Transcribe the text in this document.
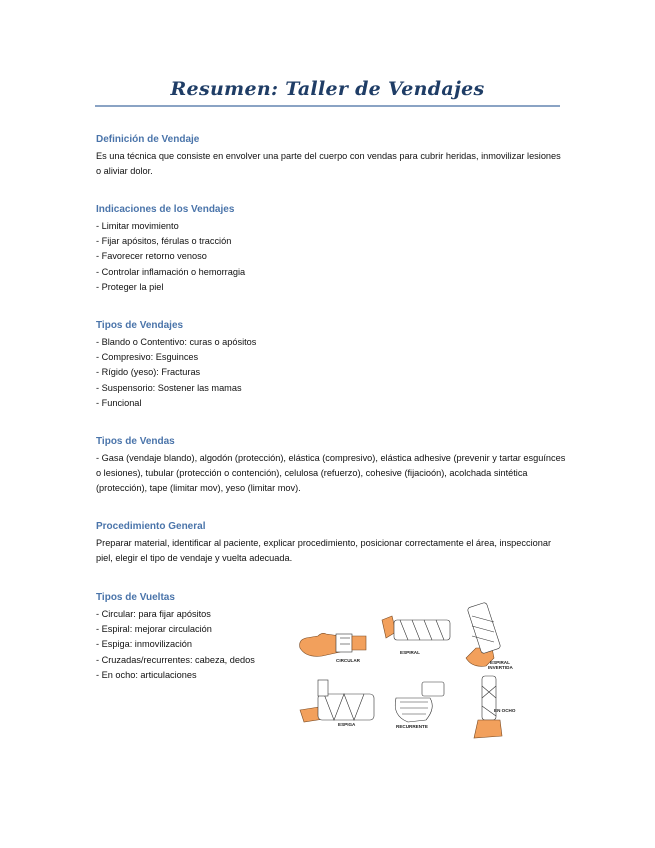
Resumen: Taller de Vendajes
Definición de Vendaje
Es una técnica que consiste en envolver una parte del cuerpo con vendas para cubrir heridas, inmovilizar lesiones o aliviar dolor.
Indicaciones de los Vendajes
- Limitar movimiento
- Fijar apósitos, férulas o tracción
- Favorecer retorno venoso
- Controlar inflamación o hemorragia
- Proteger la piel
Tipos de Vendajes
- Blando o Contentivo: curas o apósitos
- Compresivo: Esguinces
- Rígido (yeso): Fracturas
- Suspensorio: Sostener las mamas
- Funcional
Tipos de Vendas
- Gasa (vendaje blando), algodón (protección), elástica (compresivo), elástica adhesive (prevenir y tartar esguínces o lesiones), tubular (protección o contención), celulosa (refuerzo), cohesive (fijacioón), acolchada sintética (protección), tape (limitar mov), yeso (limitar mov).
Procedimiento General
Preparar material, identificar al paciente, explicar procedimiento, posicionar correctamente el área, inspeccionar piel, elegir el tipo de vendaje y vuelta adecuada.
Tipos de Vueltas
- Circular: para fijar apósitos
- Espiral: mejorar circulación
- Espiga: inmovilización
- Cruzadas/recurrentes: cabeza, dedos
- En ocho: articulaciones
CIRCULAR
ESPIRAL
ESPIRAL
INVERTIDA
ESPIGA	RECURRENTE
EN OCHO
